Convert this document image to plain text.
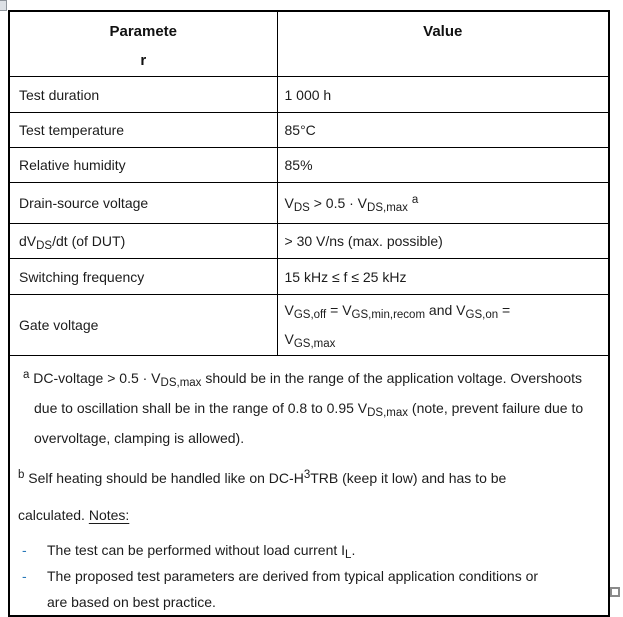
Paramete
r	Value
Test duration	1 000 h
Test temperature	85°C
Relative humidity	85%
Drain-source voltage	$V_{DS} > 0.5 \cdot V_{DS,max}$ $^a$
$dV_{DS}/dt$ (of DUT)	> 30 V/ns (max. possible)
Switching frequency	15 kHz ≤ f ≤ 25 kHz
Gate voltage	$V_{GS,off} = V_{GS,min,recom}$ and $V_{GS,on}$ =
$V_{GS,max}$

$^a$ DC-voltage > $0.5 \cdot V_{DS,max}$ should be in the range of the application voltage. Overshoots due to oscillation shall be in the range of 0.8 to 0.95 $V_{DS,max}$ (note, prevent failure due to overvoltage, clamping is allowed).

$^b$ Self heating should be handled like on $DC-H^3TRB$ (keep it low) and has to be calculated. Notes:

-	The test can be performed without load current $I_L$.
-	The proposed test parameters are derived from typical application conditions or are based on best practice.
